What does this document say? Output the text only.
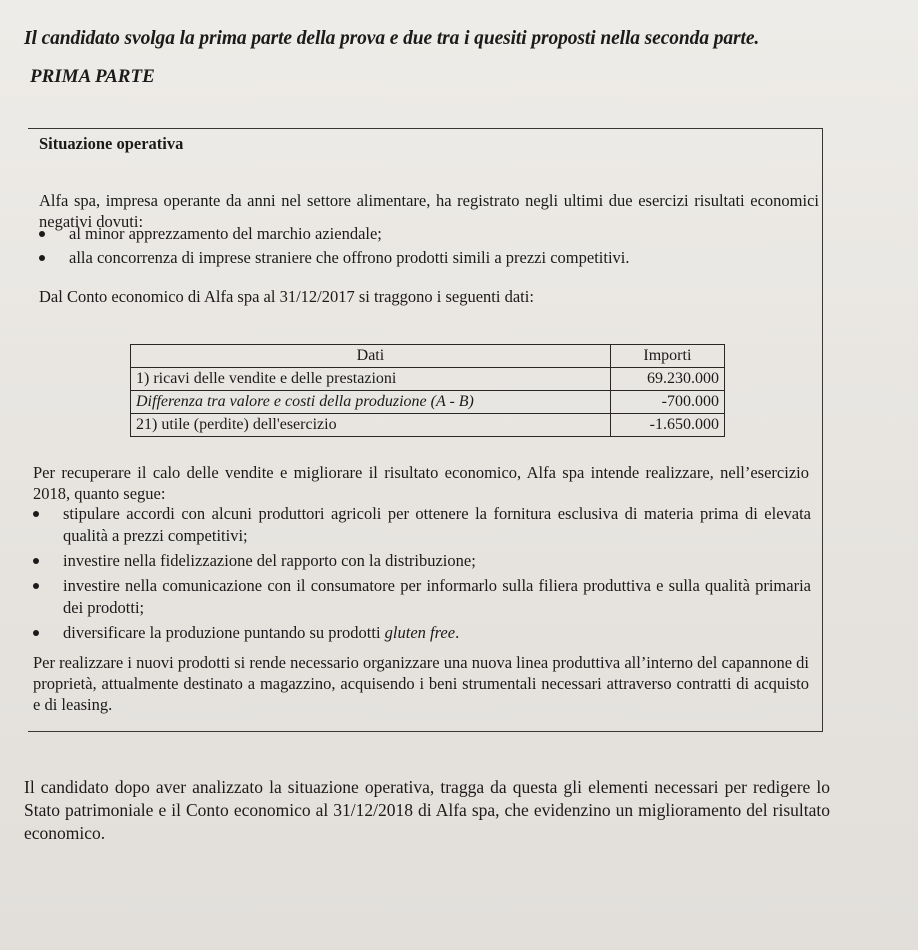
Il candidato svolga la prima parte della prova e due tra i quesiti proposti nella seconda parte.
PRIMA PARTE
Situazione operativa
Alfa spa, impresa operante da anni nel settore alimentare, ha registrato negli ultimi due esercizi risultati economici negativi dovuti:
al minor apprezzamento del marchio aziendale;
alla concorrenza di imprese straniere che offrono prodotti simili a prezzi competitivi.
Dal Conto economico di Alfa spa al 31/12/2017 si traggono i seguenti dati:
Dati	Importi
1) ricavi delle vendite e delle prestazioni	69.230.000
Differenza tra valore e costi della produzione (A - B)	-700.000
21) utile (perdite) dell'esercizio	-1.650.000
Per recuperare il calo delle vendite e migliorare il risultato economico, Alfa spa intende realizzare, nell’esercizio 2018, quanto segue:
stipulare accordi con alcuni produttori agricoli per ottenere la fornitura esclusiva di materia prima di elevata qualità a prezzi competitivi;
investire nella fidelizzazione del rapporto con la distribuzione;
investire nella comunicazione con il consumatore per informarlo sulla filiera produttiva e sulla qualità primaria dei prodotti;
diversificare la produzione puntando su prodotti gluten free.
Per realizzare i nuovi prodotti si rende necessario organizzare una nuova linea produttiva all’interno del capannone di proprietà, attualmente destinato a magazzino, acquisendo i beni strumentali necessari attraverso contratti di acquisto e di leasing.
Il candidato dopo aver analizzato la situazione operativa, tragga da questa gli elementi necessari per redigere lo Stato patrimoniale e il Conto economico al 31/12/2018 di Alfa spa, che evidenzino un miglioramento del risultato economico.
